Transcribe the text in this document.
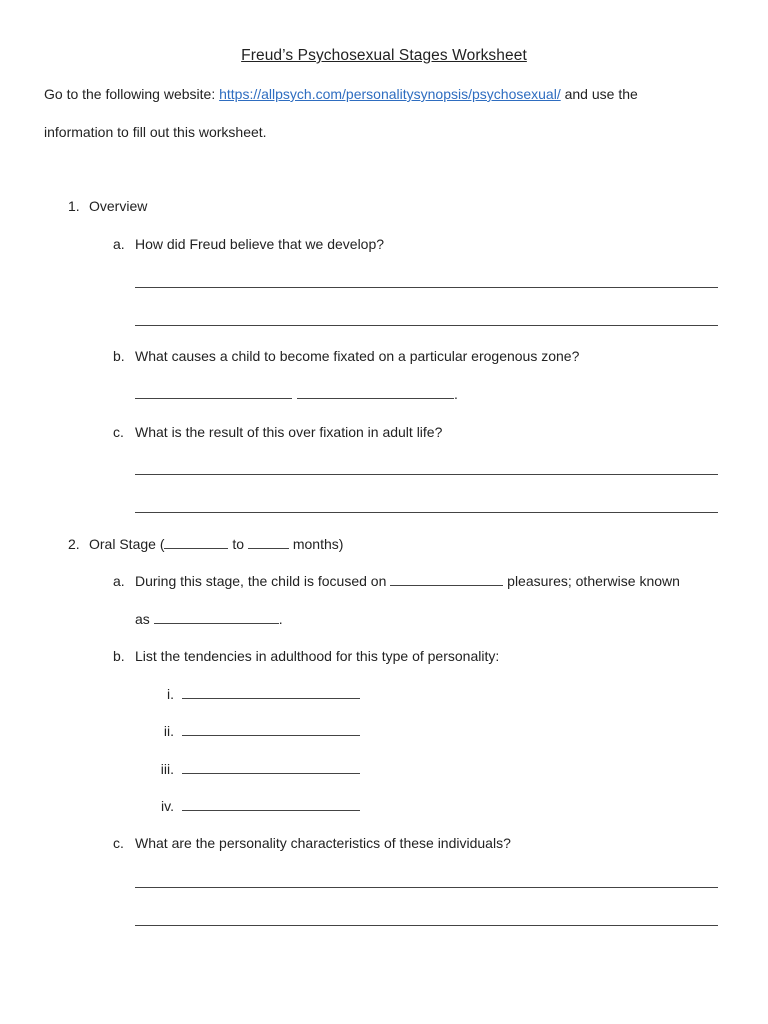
Freud’s Psychosexual Stages Worksheet
Go to the following website: https://allpsych.com/personalitysynopsis/psychosexual/ and use the
information to fill out this worksheet.
1. Overview
a. How did Freud believe that we develop?
b. What causes a child to become fixated on a particular erogenous zone?
.
c. What is the result of this over fixation in adult life?
2. Oral Stage (	to	months)
a. During this stage, the child is focused on	pleasures; otherwise known
as	.
b. List the tendencies in adulthood for this type of personality:
i.
ii.
iii.
iv.
c. What are the personality characteristics of these individuals?
